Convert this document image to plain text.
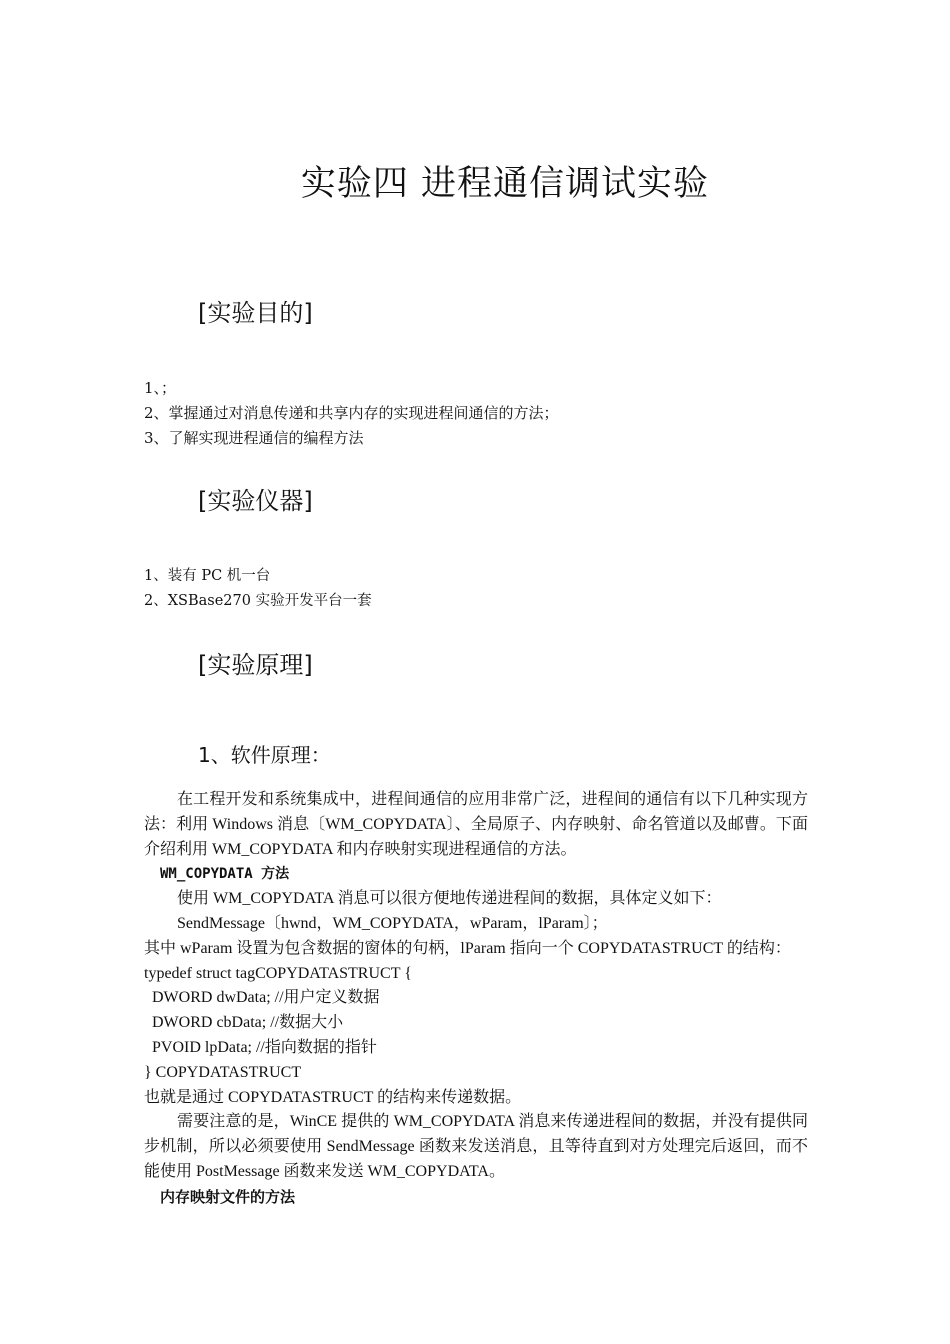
实验四 进程通信调试实验
[实验目的]
1、；
2、掌握通过对消息传递和共享内存的实现进程间通信的方法；
3、了解实现进程通信的编程方法
[实验仪器]
1、装有 PC 机一台
2、XSBase270 实验开发平台一套
[实验原理]
1、软件原理：

在工程开发和系统集成中，进程间通信的应用非常广泛，进程间的通信有以下几种实现方法：利用 Windows 消息〔WM_COPYDATA〕、全局原子、内存映射、命名管道以及邮曹。下面介绍利用 WM_COPYDATA 和内存映射实现进程通信的方法。

WM_COPYDATA 方法

使用 WM_COPYDATA 消息可以很方便地传递进程间的数据，具体定义如下：

SendMessage〔hwnd，WM_COPYDATA，wParam，lParam〕；

其中 wParam 设置为包含数据的窗体的句柄，lParam 指向一个 COPYDATASTRUCT 的结构：

typedef struct tagCOPYDATASTRUCT {

DWORD dwData; //用户定义数据

DWORD cbData; //数据大小

PVOID lpData; //指向数据的指针

} COPYDATASTRUCT

也就是通过 COPYDATASTRUCT 的结构来传递数据。

需要注意的是，WinCE 提供的 WM_COPYDATA 消息来传递进程间的数据，并没有提供同步机制，所以必须要使用 SendMessage 函数来发送消息，且等待直到对方处理完后返回，而不能使用 PostMessage 函数来发送 WM_COPYDATA。

内存映射文件的方法
